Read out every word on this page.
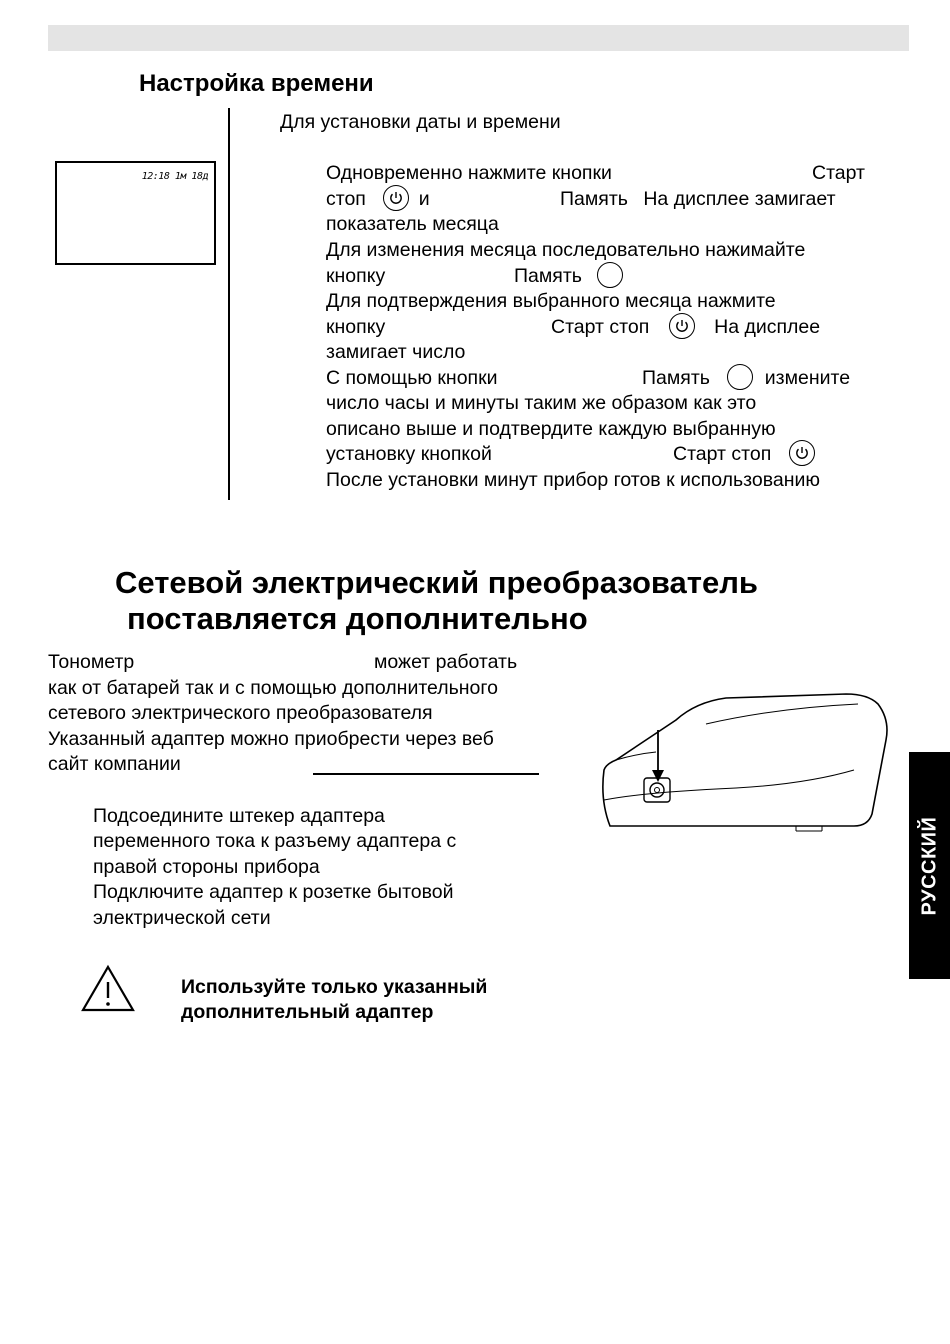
Настройка времени
Для установки даты и времени
12:18 1м 18д	Одновременно нажмите кнопки	Старт
стоп	и	Память На дисплее замигает
показатель месяца
Для изменения месяца последовательно нажимайте
кнопку	Память
Для подтверждения выбранного месяца нажмите
кнопку	Старт стоп	На дисплее
замигает число
С помощью кнопки	Память	измените
число часы и минуты таким же образом как это
описано выше и подтвердите каждую выбранную
установку кнопкой	Старт стоп
После установки минут прибор готов к использованию
Сетевой электрический преобразователь
поставляется дополнительно
Тонометр	может работать
как от батарей так и с помощью дополнительного
сетевого электрического преобразователя
Указанный адаптер можно приобрести через веб
сайт компании
Подсоедините штекер адаптера
переменного тока к разъему адаптера с
правой стороны прибора
Подключите адаптер к розетке бытовой
электрической сети
Используйте только указанный
дополнительный адаптер
РУССКИЙ
